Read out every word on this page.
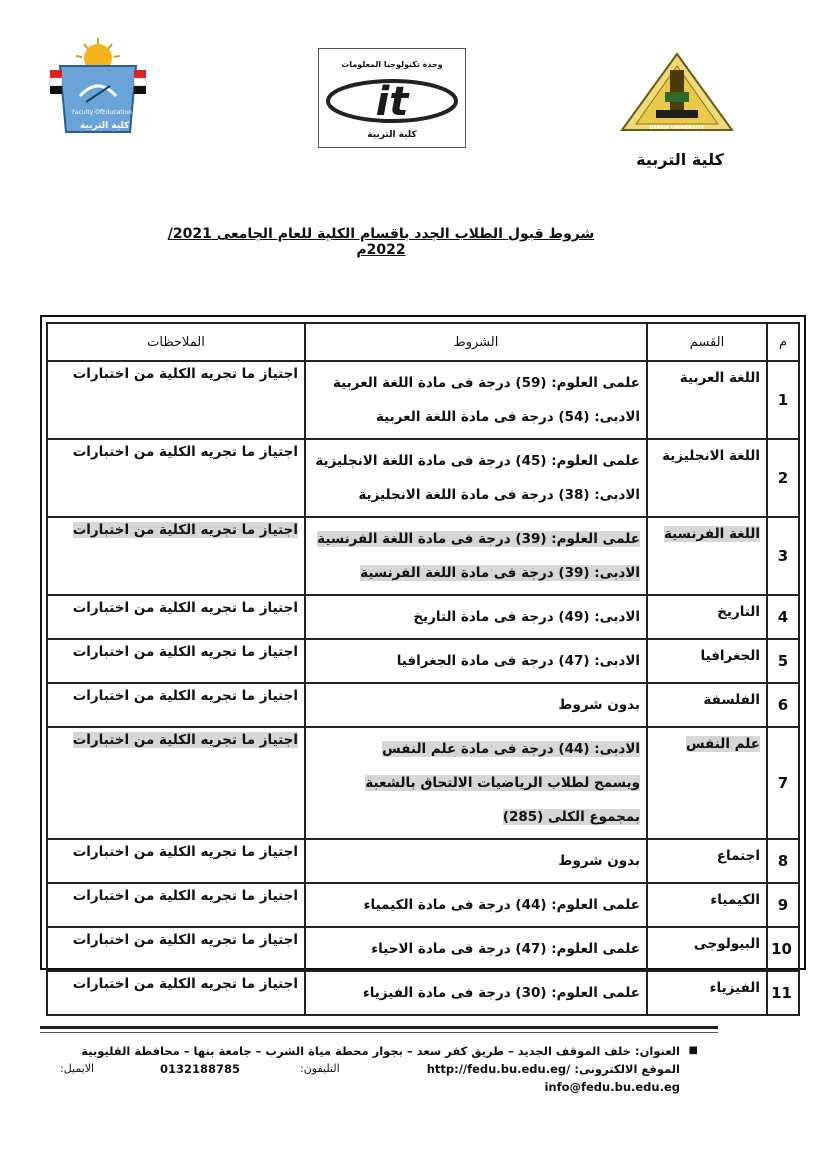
Faculty Of Education
كلية التربية
وحدة تكنولوجيا المعلومات
it
كلية التربية
BENHA UNIVERSITY
كلية التربية
شروط قبول الطلاب الجدد باقسام الكلية للعام الجامعى 2021/ 2022م
م	القسم	الشروط	الملاحظات
1	اللغة العربية	علمى العلوم: (59) درجة فى مادة اللغة العربية
الادبى: (54) درجة فى مادة اللغة العربية	اجتياز ما تجريه الكلية من اختبارات
2	اللغة الانجليزية	علمى العلوم: (45) درجة فى مادة اللغة الانجليزية
الادبى: (38) درجة فى مادة اللغة الانجليزية	اجتياز ما تجريه الكلية من اختبارات
3	اللغة الفرنسية	علمى العلوم: (39) درجة فى مادة اللغة الفرنسية
الادبى: (39) درجة فى مادة اللغة الفرنسية	اجتياز ما تجريه الكلية من اختبارات
4	التاريخ	الادبى: (49) درجة فى مادة التاريخ	اجتياز ما تجريه الكلية من اختبارات
5	الجغرافيا	الادبى: (47) درجة فى مادة الجغرافيا	اجتياز ما تجريه الكلية من اختبارات
6	الفلسفة	بدون شروط	اجتياز ما تجريه الكلية من اختبارات
7	علم النفس	الادبى: (44) درجة فى مادة علم النفس
ويسمح لطلاب الرياضيات الالتحاق بالشعبة
بمجموع الكلى (285)	اجتياز ما تجريه الكلية من اختبارات
8	اجتماع	بدون شروط	اجتياز ما تجريه الكلية من اختبارات
9	الكيمياء	علمى العلوم: (44) درجة فى مادة الكيمياء	اجتياز ما تجريه الكلية من اختبارات
10	البيولوجى	علمى العلوم: (47) درجة فى مادة الاحياء	اجتياز ما تجريه الكلية من اختبارات
11	الفيزياء	علمى العلوم: (30) درجة فى مادة الفيزياء	اجتياز ما تجريه الكلية من اختبارات
■
العنوان: خلف الموقف الجديد – طريق كفر سعد – بجوار محطة مياة الشرب – جامعة بنها – محافظة القليوبية
الموقع الالكترونى: http://fedu.bu.edu.eg/
التليفون:
0132188785
الايميل:
info@fedu.bu.edu.eg
